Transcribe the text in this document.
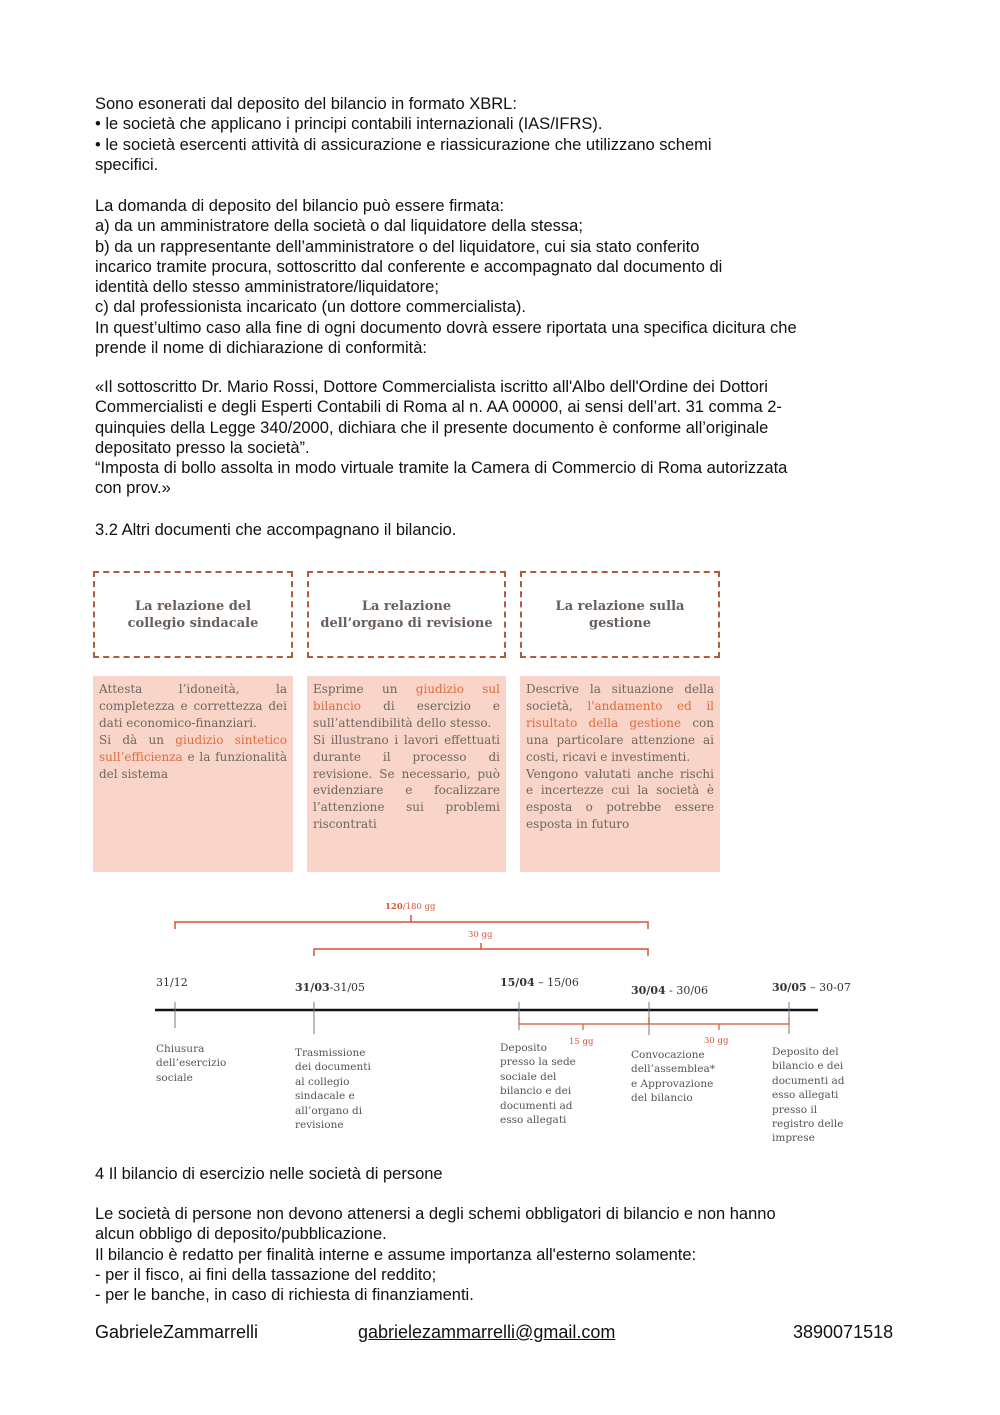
Sono esonerati dal deposito del bilancio in formato XBRL:
• le società che applicano i principi contabili internazionali (IAS/IFRS).
• le società esercenti attività di assicurazione e riassicurazione che utilizzano schemi
specifici.

La domanda di deposito del bilancio può essere firmata:
a) da un amministratore della società o dal liquidatore della stessa;
b) da un rappresentante dell’amministratore o del liquidatore, cui sia stato conferito
incarico tramite procura, sottoscritto dal conferente e accompagnato dal documento di
identità dello stesso amministratore/liquidatore;
c) dal professionista incaricato (un dottore commercialista).
In quest’ultimo caso alla fine di ogni documento dovrà essere riportata una specifica dicitura che
prende il nome di dichiarazione di conformità:

«Il sottoscritto Dr. Mario Rossi, Dottore Commercialista iscritto all'Albo dell'Ordine dei Dottori
Commercialisti e degli Esperti Contabili di Roma al n. AA 00000, ai sensi dell’art. 31 comma 2-
quinquies della Legge 340/2000, dichiara che il presente documento è conforme all’originale
depositato presso la società”.
“Imposta di bollo assolta in modo virtuale tramite la Camera di Commercio di Roma autorizzata
con prov.»

3.2 Altri documenti che accompagnano il bilancio.

La relazione del collegio sindacale
La relazione dell’organo di revisione
La relazione sulla gestione
Attesta l’idoneità, la completezza e correttezza dei dati economico-finanziari.
Si dà un giudizio sintetico sull’efficienza e la funzionalità del sistema
Esprime un giudizio sul bilancio di esercizio e sull’attendibilità dello stesso.
Si illustrano i lavori effettuati durante il processo di revisione. Se necessario, può evidenziare e focalizzare l’attenzione sui problemi riscontrati
Descrive la situazione della società, l'andamento ed il risultato della gestione con una particolare attenzione ai costi, ricavi e investimenti.
Vengono valutati anche rischi e incertezze cui la società è esposta o potrebbe essere esposta in futuro
120/180 gg
30 gg
15 gg	30 gg
31/12	31/03-31/05	15/04 – 15/06
30/04 - 30/06	30/05 – 30-07
Chiusura
dell’esercizio
sociale
Trasmissione
dei documenti
al collegio
sindacale e
all’organo di
revisione
Deposito
presso la sede
sociale del
bilancio e dei
documenti ad
esso allegati
Convocazione
dell’assemblea*
e Approvazione
del bilancio
Deposito del
bilancio e dei
documenti ad
esso allegati
presso il
registro delle
imprese

4 Il bilancio di esercizio nelle società di persone

Le società di persone non devono attenersi a degli schemi obbligatori di bilancio e non hanno
alcun obbligo di deposito/pubblicazione.
Il bilancio è redatto per finalità interne e assume importanza all'esterno solamente:
- per il fisco, ai fini della tassazione del reddito;
- per le banche, in caso di richiesta di finanziamenti.

GabrieleZammarrelli	gabrielezammarrelli@gmail.com	3890071518
